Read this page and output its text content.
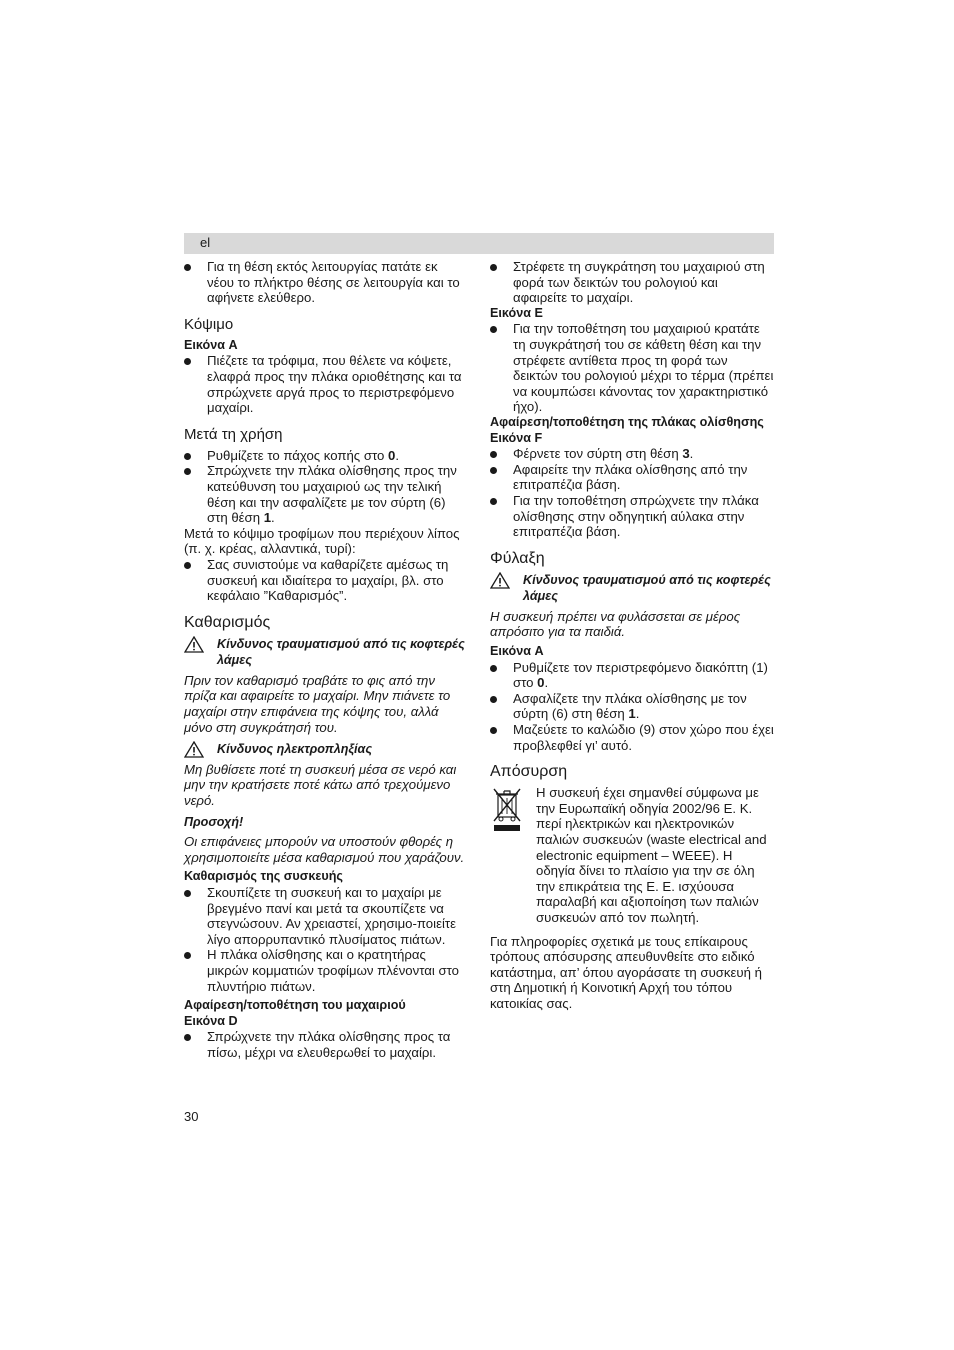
el

Για τη θέση εκτός λειτουργίας πατάτε εκ νέου το πλήκτρο θέσης σε λειτουργία και το αφήνετε ελεύθερο.

Κόψιμο

Εικόνα A

Πιέζετε τα τρόφιμα, που θέλετε να κόψετε, ελαφρά προς την πλάκα οριοθέτησης και τα σπρώχνετε αργά προς το περιστρεφόμενο μαχαίρι.

Μετά τη χρήση

Ρυθμίζετε το πάχος κοπής στο 0.

Σπρώχνετε την πλάκα ολίσθησης προς την κατεύθυνση του μαχαιριού ως την τελική θέση και την ασφαλίζετε με τον σύρτη (6) στη θέση 1.

Μετά το κόψιμο τροφίμων που περιέχουν λίπος (π. χ. κρέας, αλλαντικά, τυρί):

Σας συνιστούμε να καθαρίζετε αμέσως τη συσκευή και ιδιαίτερα το μαχαίρι, βλ. στο κεφάλαιο ”Καθαρισμός”.

Καθαρισμός

Κίνδυνος τραυματισμού από τις κοφτερές λάμες

Πριν τον καθαρισμό τραβάτε το φις από την πρίζα και αφαιρείτε το μαχαίρι. Μην πιάνετε το μαχαίρι στην επιφάνεια της κόψης του, αλλά μόνο στη συγκράτησή του.

Κίνδυνος ηλεκτροπληξίας

Μη βυθίσετε ποτέ τη συσκευή μέσα σε νερό και μην την κρατήσετε ποτέ κάτω από τρεχούμενο νερό.

Προσοχή!

Οι επιφάνειες μπορούν να υποστούν φθορές η χρησιμοποιείτε μέσα καθαρισμού που χαράζουν.

Καθαρισμός της συσκευής

Σκουπίζετε τη συσκευή και το μαχαίρι με βρεγμένο πανί και μετά τα σκουπίζετε να στεγνώσουν. Αν χρειαστεί, χρησιμο-ποιείτε λίγο απορρυπαντικό πλυσίματος πιάτων.

Η πλάκα ολίσθησης και ο κρατητήρας μικρών κομματιών τροφίμων πλένονται στο πλυντήριο πιάτων.

Αφαίρεση/τοποθέτηση του μαχαιριού

Εικόνα D

Σπρώχνετε την πλάκα ολίσθησης προς τα πίσω, μέχρι να ελευθερωθεί το μαχαίρι.

Στρέφετε τη συγκράτηση του μαχαιριού στη φορά των δεικτών του ρολογιού και αφαιρείτε το μαχαίρι.

Εικόνα E

Για την τοποθέτηση του μαχαιριού κρατάτε τη συγκράτησή του σε κάθετη θέση και την στρέφετε αντίθετα προς τη φορά των δεικτών του ρολογιού μέχρι το τέρμα (πρέπει να κουμπώσει κάνοντας τον χαρακτηριστικό ήχο).

Αφαίρεση/τοποθέτηση της πλάκας ολίσθησης

Εικόνα F

Φέρνετε τον σύρτη στη θέση 3.

Αφαιρείτε την πλάκα ολίσθησης από την επιτραπέζια βάση.

Για την τοποθέτηση σπρώχνετε την πλάκα ολίσθησης στην οδηγητική αύλακα στην επιτραπέζια βάση.

Φύλαξη

Κίνδυνος τραυματισμού από τις κοφτερές λάμες

Η συσκευή πρέπει να φυλάσσεται σε μέρος απρόσιτο για τα παιδιά.

Εικόνα A

Ρυθμίζετε τον περιστρεφόμενο διακόπτη (1) στο 0.

Ασφαλίζετε την πλάκα ολίσθησης με τον σύρτη (6) στη θέση 1.

Μαζεύετε το καλώδιο (9) στον χώρο που έχει προβλεφθεί γι’ αυτό.

Απόσυρση

Η συσκευή έχει σημανθεί σύμφωνα με την Ευρωπαϊκή οδηγία 2002/96 Ε. Κ. περί ηλεκτρικών και ηλεκτρονικών παλιών συσκευών (waste electrical and electronic equipment – WEEE). Η οδηγία δίνει το πλαίσιο για την σε όλη την επικράτεια της Ε. Ε. ισχύουσα παραλαβή και αξιοποίηση των παλιών συσκευών από τον πωλητή.

Για πληροφορίες σχετικά με τους επίκαιρους τρόπους απόσυρσης απευθυνθείτε στο ειδικό κατάστημα, απ’ όπου αγοράσατε τη συσκευή ή στη Δημοτική ή Κοινοτική Αρχή του τόπου κατοικίας σας.

30
